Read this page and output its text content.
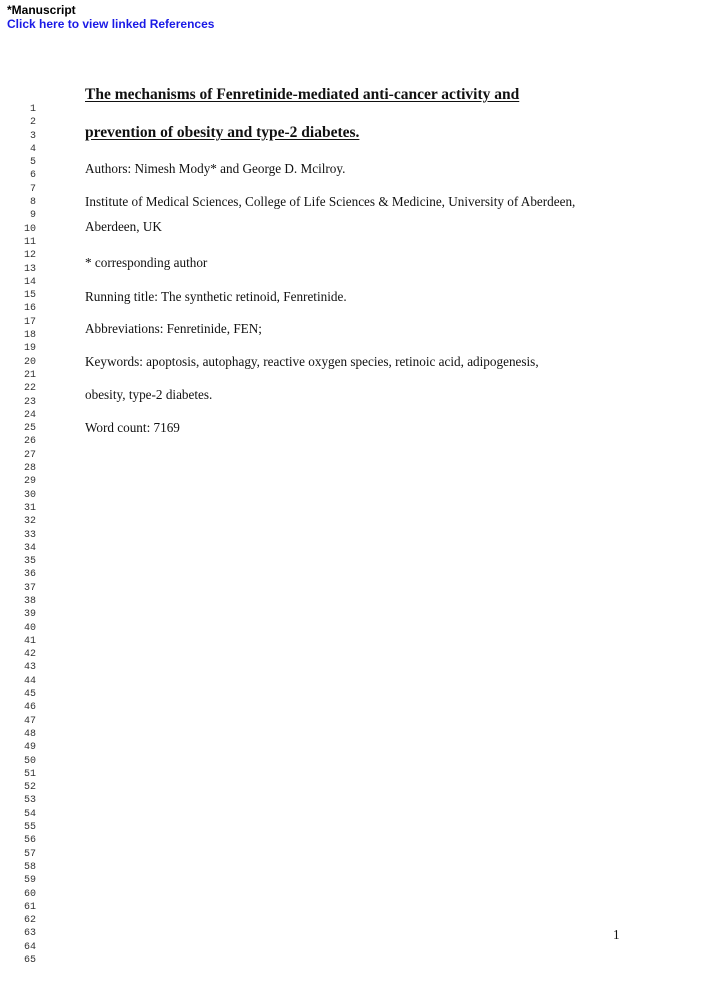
*Manuscript
Click here to view linked References
1
2
3
4
5
6
7
8
9
10
11
12
13
14
15
16
17
18
19
20
21
22
23
24
25
26
27
28
29
30
31
32
33
34
35
36
37
38
39
40
41
42
43
44
45
46
47
48
49
50
51
52
53
54
55
56
57
58
59
60
61
62
63
64
65
The mechanisms of Fenretinide-mediated anti-cancer activity and
prevention of obesity and type-2 diabetes.
Authors: Nimesh Mody* and George D. Mcilroy.
Institute of Medical Sciences, College of Life Sciences & Medicine, University of Aberdeen,
Aberdeen, UK
* corresponding author
Running title: The synthetic retinoid, Fenretinide.
Abbreviations: Fenretinide, FEN;
Keywords: apoptosis, autophagy, reactive oxygen species, retinoic acid, adipogenesis,
obesity, type-2 diabetes.
Word count: 7169
1
